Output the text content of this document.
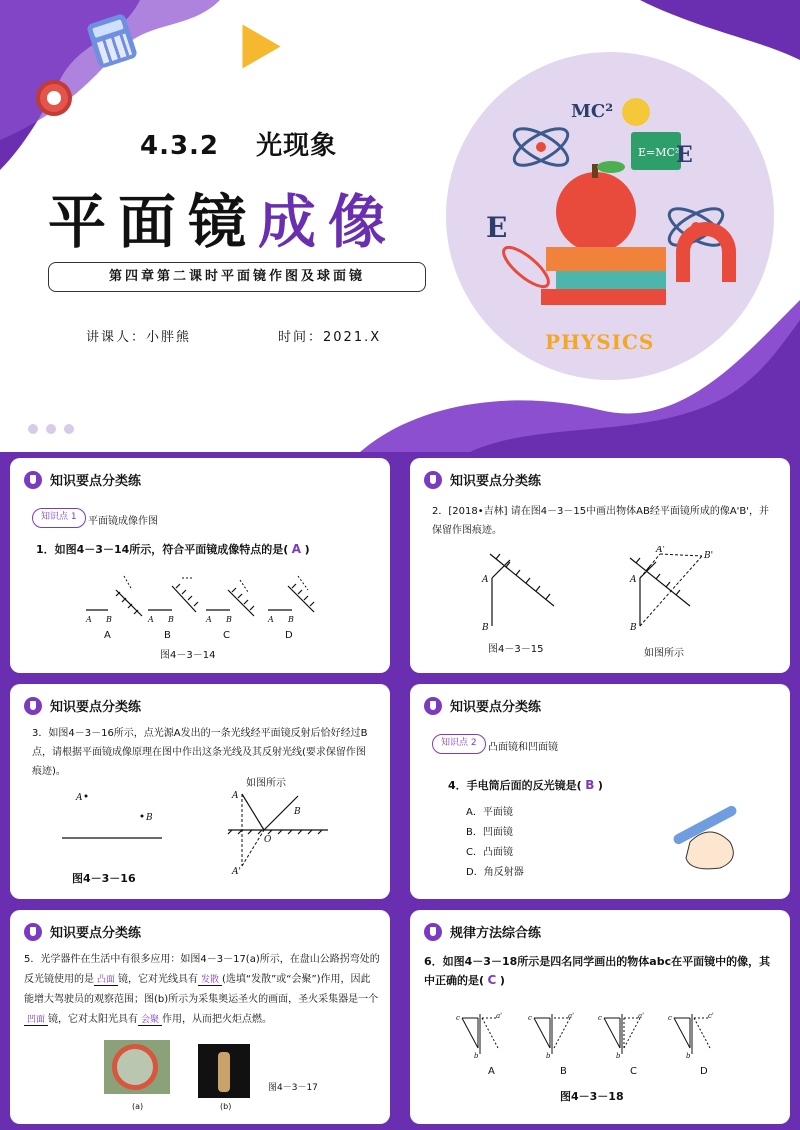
4.3.2　 光现象
平面镜成像
第四章第二课时平面镜作图及球面镜
讲课人：小胖熊	时间：2021.X
E=MC²
E
E
MC²
PHYSICS
知识要点分类练
知识点 1	平面镜成像作图
1．如图4－3－14所示，符合平面镜成像特点的是( A )
A B	A B	A B	A B
A	B	C	D
图4－3－14
知识要点分类练
2．[2018•吉林] 请在图4－3－15中画出物体AB经平面镜所成的像A'B'，并保留作图痕迹。
A
B
A
B
A'
B'
图4－3－15	如图所示
知识要点分类练
3．如图4－3－16所示，点光源A发出的一条光线经平面镜反射后恰好经过B点，请根据平面镜成像原理在图中作出这条光线及其反射光线(要求保留作图痕迹)。
A
B
A
B
O
A'
如图所示
图4－3－16
知识要点分类练
知识点 2	凸面镜和凹面镜
4．手电筒后面的反光镜是( B )
A．平面镜
B．凹面镜
C．凸面镜
D．角反射器
知识要点分类练
5．光学器件在生活中有很多应用：如图4－3－17(a)所示，在盘山公路拐弯处的反光镜使用的是 凸面 镜，它对光线具有 发散 (选填“发散”或“会聚”)作用，因此能增大驾驶员的观察范围；图(b)所示为采集奥运圣火的画面，圣火采集器是一个凹面 镜，它对太阳光具有 会聚 作用，从而把火炬点燃。
(a)	(b)
图4－3－17
规律方法综合练
6．如图4－3－18所示是四名同学画出的物体abc在平面镜中的像，其中正确的是( C )
c
b
a'	c
b
a'	c
b
a'	c
b
c'
A	B	C	D
图4－3－18
